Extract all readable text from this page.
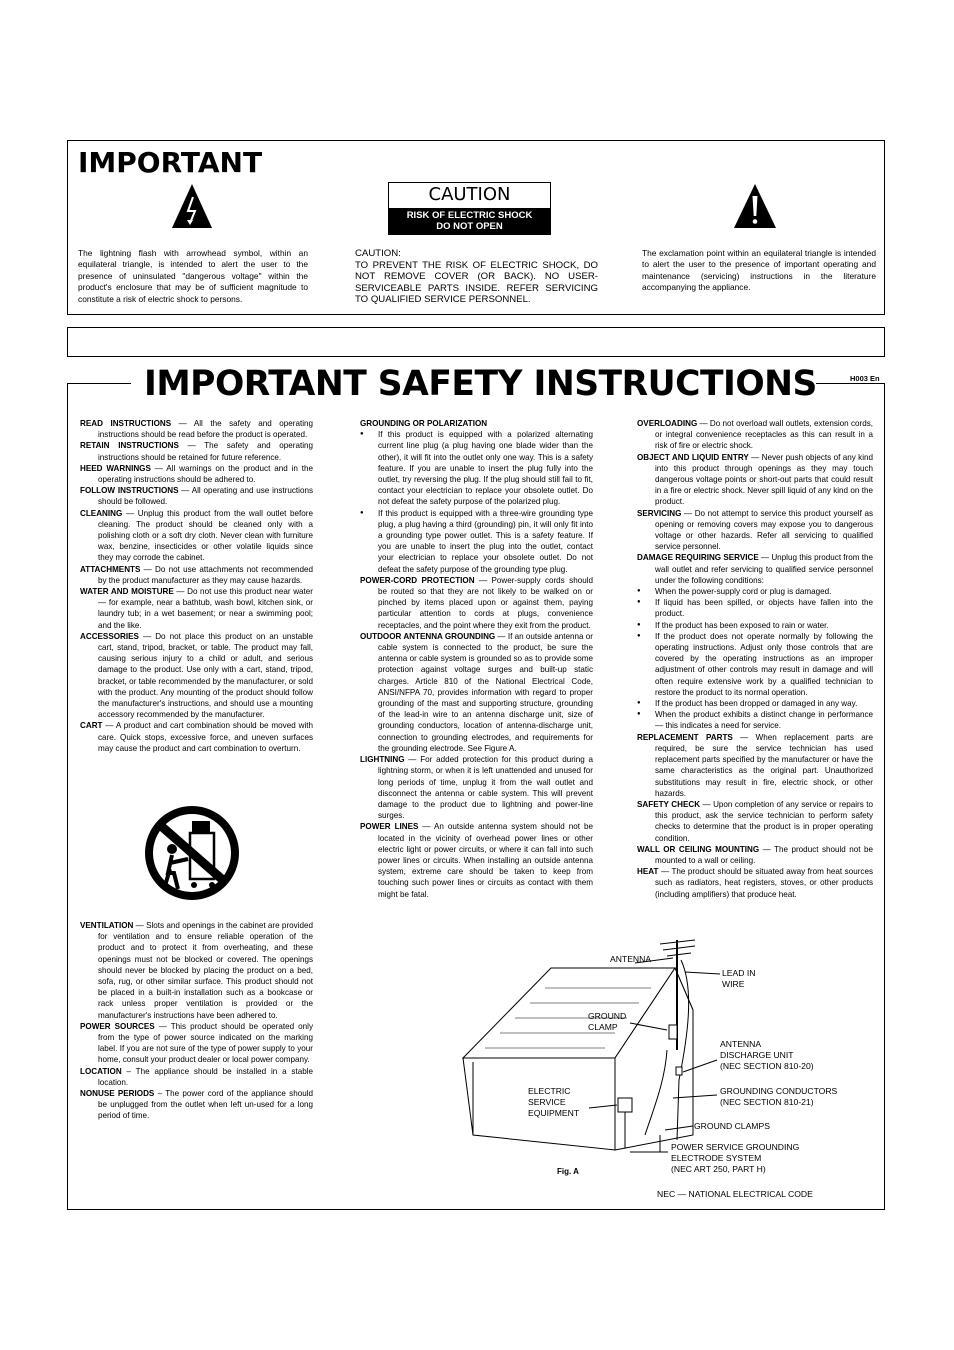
IMPORTANT
The lightning flash with arrowhead symbol, within an equilateral triangle, is intended to alert the user to the presence of uninsulated "dangerous voltage" within the product's enclosure that may be of sufficient magnitude to constitute a risk of electric shock to persons.
CAUTION
RISK OF ELECTRIC SHOCK
DO NOT OPEN
CAUTION:
TO PREVENT THE RISK OF ELECTRIC SHOCK, DO NOT REMOVE COVER (OR BACK). NO USER-SERVICEABLE PARTS INSIDE. REFER SERVICING TO QUALIFIED SERVICE PERSONNEL.
The exclamation point within an equilateral triangle is intended to alert the user to the presence of important operating and maintenance (servicing) instructions in the literature accompanying the appliance.
IMPORTANT SAFETY INSTRUCTIONS	H003 En

READ INSTRUCTIONS — All the safety and operating instructions should be read before the product is operated.

RETAIN INSTRUCTIONS — The safety and operating instructions should be retained for future reference.

HEED WARNINGS — All warnings on the product and in the operating instructions should be adhered to.

FOLLOW INSTRUCTIONS — All operating and use instructions should be followed.

CLEANING — Unplug this product from the wall outlet before cleaning. The product should be cleaned only with a polishing cloth or a soft dry cloth. Never clean with furniture wax, benzine, insecticides or other volatile liquids since they may corrode the cabinet.

ATTACHMENTS — Do not use attachments not recommended by the product manufacturer as they may cause hazards.

WATER AND MOISTURE — Do not use this product near water — for example, near a bathtub, wash bowl, kitchen sink, or laundry tub; in a wet basement; or near a swimming pool; and the like.

ACCESSORIES — Do not place this product on an unstable cart, stand, tripod, bracket, or table. The product may fall, causing serious injury to a child or adult, and serious damage to the product. Use only with a cart, stand, tripod, bracket, or table recommended by the manufacturer, or sold with the product. Any mounting of the product should follow the manufacturer's instructions, and should use a mounting accessory recommended by the manufacturer.

CART — A product and cart combination should be moved with care. Quick stops, excessive force, and uneven surfaces may cause the product and cart combination to overturn.

VENTILATION — Slots and openings in the cabinet are provided for ventilation and to ensure reliable operation of the product and to protect it from overheating, and these openings must not be blocked or covered. The openings should never be blocked by placing the product on a bed, sofa, rug, or other similar surface. This product should not be placed in a built-in installation such as a bookcase or rack unless proper ventilation is provided or the manufacturer's instructions have been adhered to.

POWER SOURCES — This product should be operated only from the type of power source indicated on the marking label. If you are not sure of the type of power supply to your home, consult your product dealer or local power company.

LOCATION – The appliance should be installed in a stable location.

NONUSE PERIODS – The power cord of the appliance should be unplugged from the outlet when left un-used for a long period of time.

GROUNDING OR POLARIZATION

● If this product is equipped with a polarized alternating current line plug (a plug having one blade wider than the other), it will fit into the outlet only one way. This is a safety feature. If you are unable to insert the plug fully into the outlet, try reversing the plug. If the plug should still fail to fit, contact your electrician to replace your obsolete outlet. Do not defeat the safety purpose of the polarized plug.

● If this product is equipped with a three-wire grounding type plug, a plug having a third (grounding) pin, it will only fit into a grounding type power outlet. This is a safety feature. If you are unable to insert the plug into the outlet, contact your electrician to replace your obsolete outlet. Do not defeat the safety purpose of the grounding type plug.

POWER-CORD PROTECTION — Power-supply cords should be routed so that they are not likely to be walked on or pinched by items placed upon or against them, paying particular attention to cords at plugs, convenience receptacles, and the point where they exit from the product.

OUTDOOR ANTENNA GROUNDING — If an outside antenna or cable system is connected to the product, be sure the antenna or cable system is grounded so as to provide some protection against voltage surges and built-up static charges. Article 810 of the National Electrical Code, ANSI/NFPA 70, provides information with regard to proper grounding of the mast and supporting structure, grounding of the lead-in wire to an antenna discharge unit, size of grounding conductors, location of antenna-discharge unit, connection to grounding electrodes, and requirements for the grounding electrode. See Figure A.

LIGHTNING — For added protection for this product during a lightning storm, or when it is left unattended and unused for long periods of time, unplug it from the wall outlet and disconnect the antenna or cable system. This will prevent damage to the product due to lightning and power-line surges.

POWER LINES — An outside antenna system should not be located in the vicinity of overhead power lines or other electric light or power circuits, or where it can fall into such power lines or circuits. When installing an outside antenna system, extreme care should be taken to keep from touching such power lines or circuits as contact with them might be fatal.

OVERLOADING — Do not overload wall outlets, extension cords, or integral convenience receptacles as this can result in a risk of fire or electric shock.

OBJECT AND LIQUID ENTRY — Never push objects of any kind into this product through openings as they may touch dangerous voltage points or short-out parts that could result in a fire or electric shock. Never spill liquid of any kind on the product.

SERVICING — Do not attempt to service this product yourself as opening or removing covers may expose you to dangerous voltage or other hazards. Refer all servicing to qualified service personnel.

DAMAGE REQUIRING SERVICE — Unplug this product from the wall outlet and refer servicing to qualified service personnel under the following conditions:

● When the power-supply cord or plug is damaged.

● If liquid has been spilled, or objects have fallen into the product.

● If the product has been exposed to rain or water.

● If the product does not operate normally by following the operating instructions. Adjust only those controls that are covered by the operating instructions as an improper adjustment of other controls may result in damage and will often require extensive work by a qualified technician to restore the product to its normal operation.

● If the product has been dropped or damaged in any way.

● When the product exhibits a distinct change in performance — this indicates a need for service.

REPLACEMENT PARTS — When replacement parts are required, be sure the service technician has used replacement parts specified by the manufacturer or have the same characteristics as the original part. Unauthorized substitutions may result in fire, electric shock, or other hazards.

SAFETY CHECK — Upon completion of any service or repairs to this product, ask the service technician to perform safety checks to determine that the product is in proper operating condition.

WALL OR CEILING MOUNTING — The product should not be mounted to a wall or ceiling.

HEAT — The product should be situated away from heat sources such as radiators, heat registers, stoves, or other products (including amplifiers) that produce heat.

ANTENNA
LEAD IN
WIRE
GROUND
CLAMP
ANTENNA
DISCHARGE UNIT
(NEC SECTION 810-20)
ELECTRIC
SERVICE
EQUIPMENT
GROUNDING CONDUCTORS
(NEC SECTION 810-21)
GROUND CLAMPS
POWER SERVICE GROUNDING
ELECTRODE SYSTEM
(NEC ART 250, PART H)
Fig. A
NEC — NATIONAL ELECTRICAL CODE
